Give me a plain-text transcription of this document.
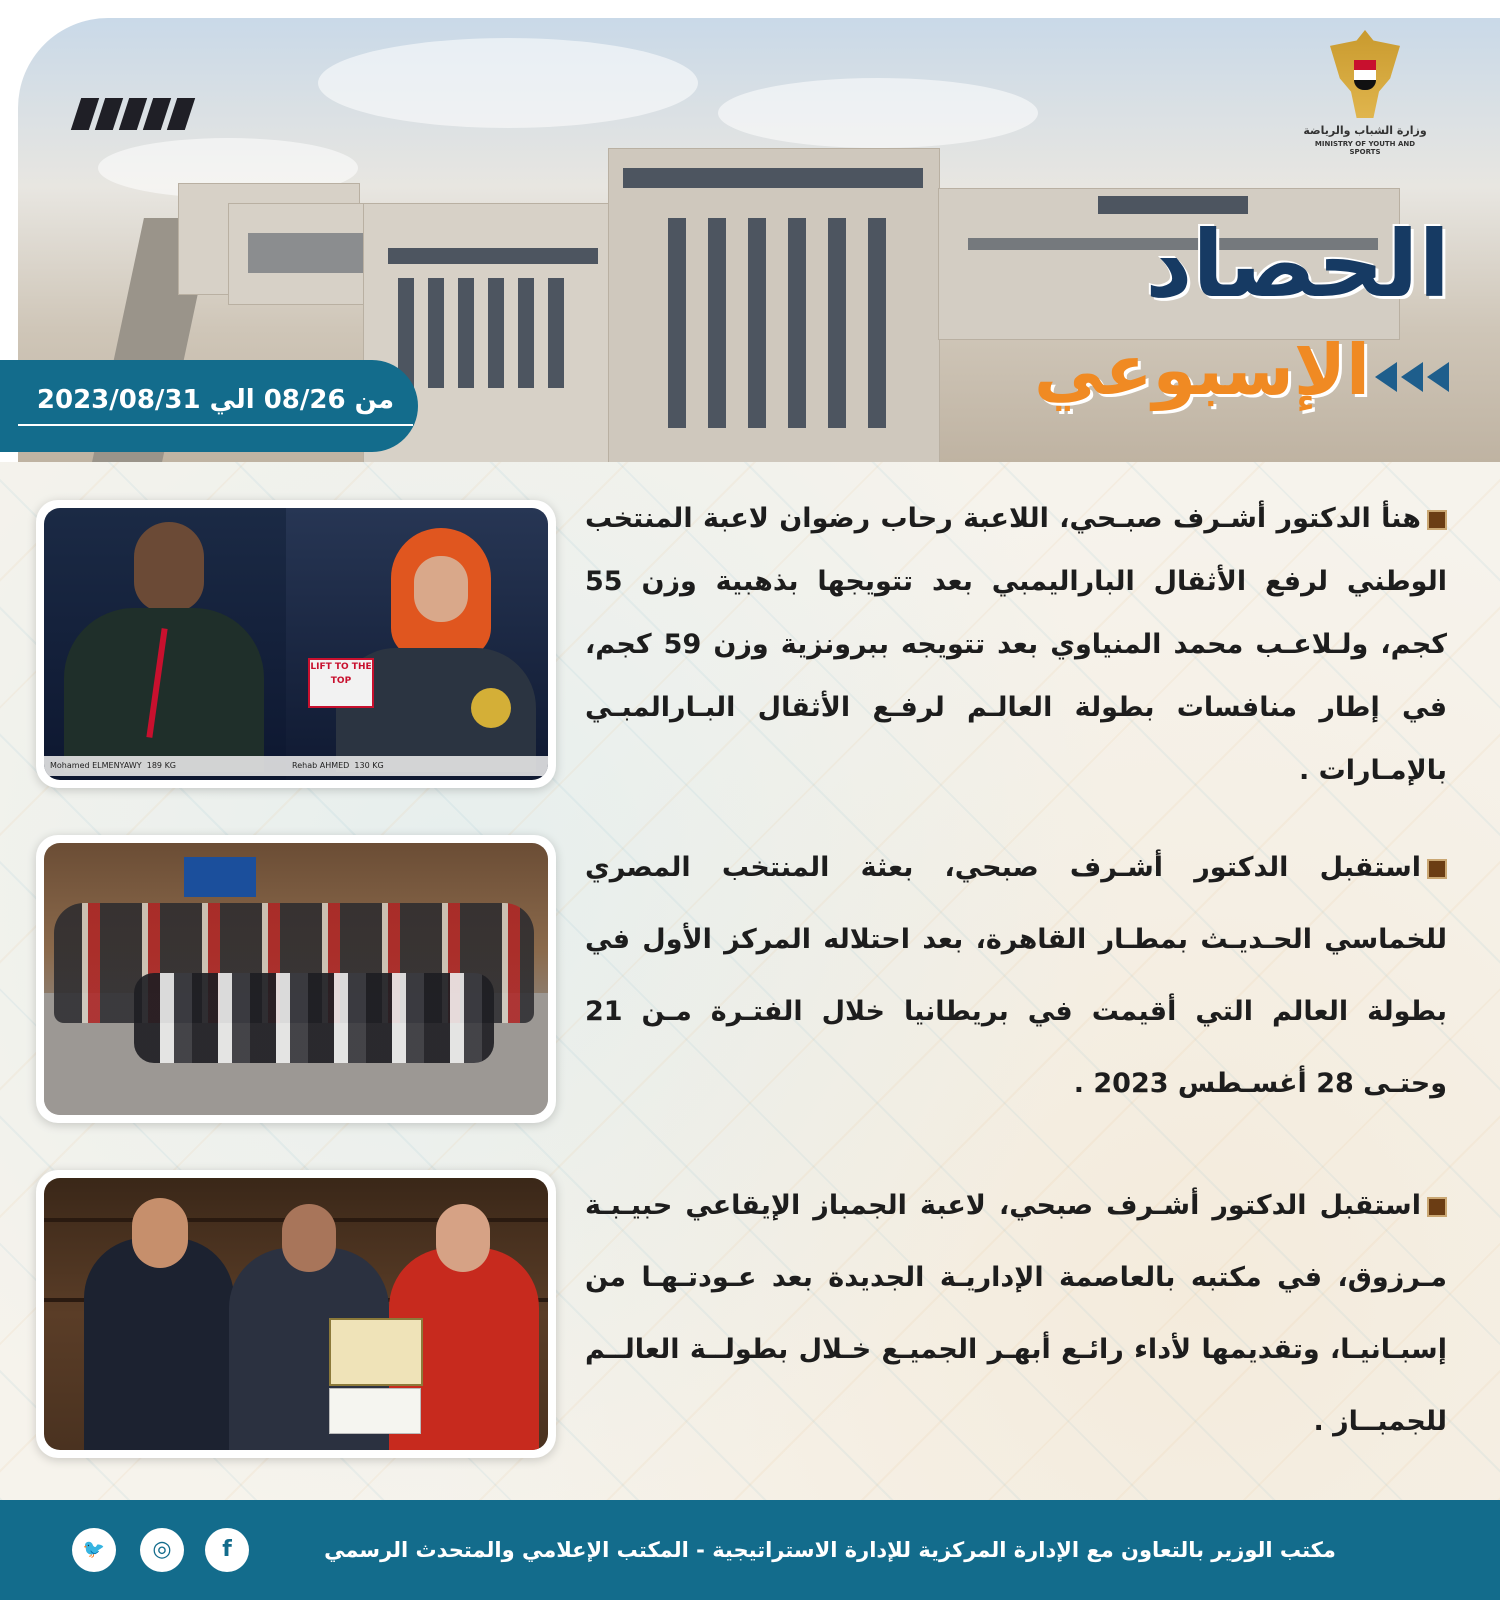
وزارة الشباب والرياضة
MINISTRY OF YOUTH AND SPORTS
الحصاد
الإسبوعي
من 08/26 الي 2023/08/31
Mohamed ELMENYAWY 189 KG
LIFT TO THE TOP
Rehab AHMED 130 KG
هنأ الدكتور أشـرف صبـحي، اللاعبة رحاب رضوان لاعبة المنتخب الوطني لرفع الأثقال الباراليمبي بعد تتويجها بذهبية وزن 55 كجم، ولـلاعـب محمد المنياوي بعد تتويجه ببرونزية وزن 59 كجم، في إطار منافسات بطولة العالـم لرفـع الأثقال البـارالمبـي بالإمـارات .
استقبل الدكتور أشـرف صبحي، بعثة المنتخب المصري للخماسي الحـديـث بمطـار القاهرة، بعد احتلاله المركز الأول في بطولة العالم التي أقيمت في بريطانيا خلال الفتـرة مـن 21 وحتـى 28 أغسـطس 2023 .
استقبل الدكتور أشـرف صبحي، لاعبة الجمباز الإيقاعي حبيـبـة مـرزوق، في مكتبه بالعاصمة الإداريـة الجديدة بعد عـودتـهـا من إسبـانيـا، وتقديمها لأداء رائـع أبهـر الجميـع خـلال بطولــة العالــم للجمبــاز .
مكتب الوزير بالتعاون مع الإدارة المركزية للإدارة الاستراتيجية - المكتب الإعلامي والمتحدث الرسمي
f
◎
🐦
